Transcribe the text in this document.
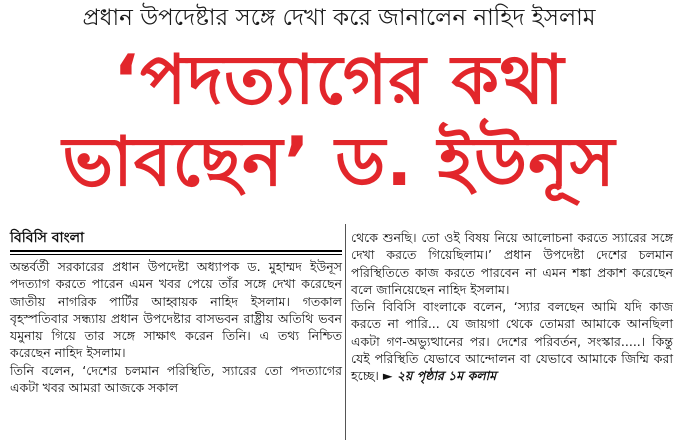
প্রধান উপদেষ্টার সঙ্গে দেখা করে জানালেন নাহিদ ইসলাম
‘পদত্যাগের কথা
ভাবছেন’ ড. ইউনূস
বিবিসি বাংলা

অন্তর্বর্তী সরকারের প্রধান উপদেষ্টা অধ্যাপক ড. মুহাম্মদ ইউনূস পদত্যাগ করতে পারেন এমন খবর পেয়ে তাঁর সঙ্গে দেখা করেছেন জাতীয় নাগরিক পার্টির আহ্বায়ক নাহিদ ইসলাম। গতকাল বৃহস্পতিবার সন্ধ্যায় প্রধান উপদেষ্টার বাসভবন রাষ্ট্রীয় অতিথি ভবন যমুনায় গিয়ে তার সঙ্গে সাক্ষাৎ করেন তিনি। এ তথ্য নিশ্চিত করেছেন নাহিদ ইসলাম।

তিনি বলেন, ‘দেশের চলমান পরিস্থিতি, স্যারের তো পদত্যাগের একটা খবর আমরা আজকে সকাল

থেকে শুনছি। তো ওই বিষয় নিয়ে আলোচনা করতে স্যারের সঙ্গে দেখা করতে গিয়েছিলাম।’ প্রধান উপদেষ্টা দেশের চলমান পরিস্থিতিতে কাজ করতে পারবেন না এমন শঙ্কা প্রকাশ করেছেন বলে জানিয়েছেন নাহিদ ইসলাম।

তিনি বিবিসি বাংলাকে বলেন, ‘স্যার বলছেন আমি যদি কাজ করতে না পারি... যে জায়গা থেকে তোমরা আমাকে আনছিলা একটা গণ-অভ্যুত্থানের পর। দেশের পরিবর্তন, সংস্কার.....। কিন্তু যেই পরিস্থিতি যেভাবে আন্দোলন বা যেভাবে আমাকে জিম্মি করা হচ্ছে। ► ২য় পৃষ্ঠার ১ম কলাম
